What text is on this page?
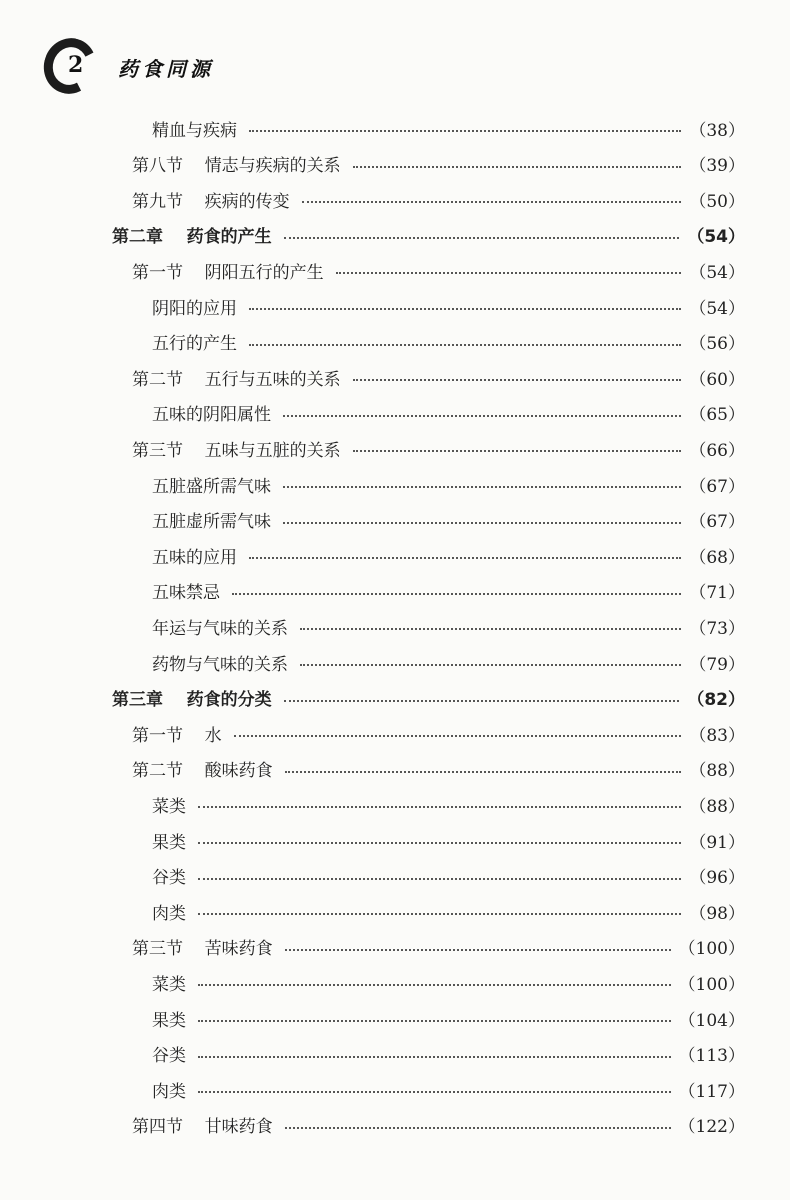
2 药食同源
精血与疾病	（38）
第八节    情志与疾病的关系	（39）
第九节    疾病的传变	（50）
第二章    药食的产生	（54）
第一节    阴阳五行的产生	（54）
阴阳的应用	（54）
五行的产生	（56）
第二节    五行与五味的关系	（60）
五味的阴阳属性	（65）
第三节    五味与五脏的关系	（66）
五脏盛所需气味	（67）
五脏虚所需气味	（67）
五味的应用	（68）
五味禁忌	（71）
年运与气味的关系	（73）
药物与气味的关系	（79）
第三章    药食的分类	（82）
第一节    水	（83）
第二节    酸味药食	（88）
菜类	（88）
果类	（91）
谷类	（96）
肉类	（98）
第三节    苦味药食	（100）
菜类	（100）
果类	（104）
谷类	（113）
肉类	（117）
第四节    甘味药食	（122）
